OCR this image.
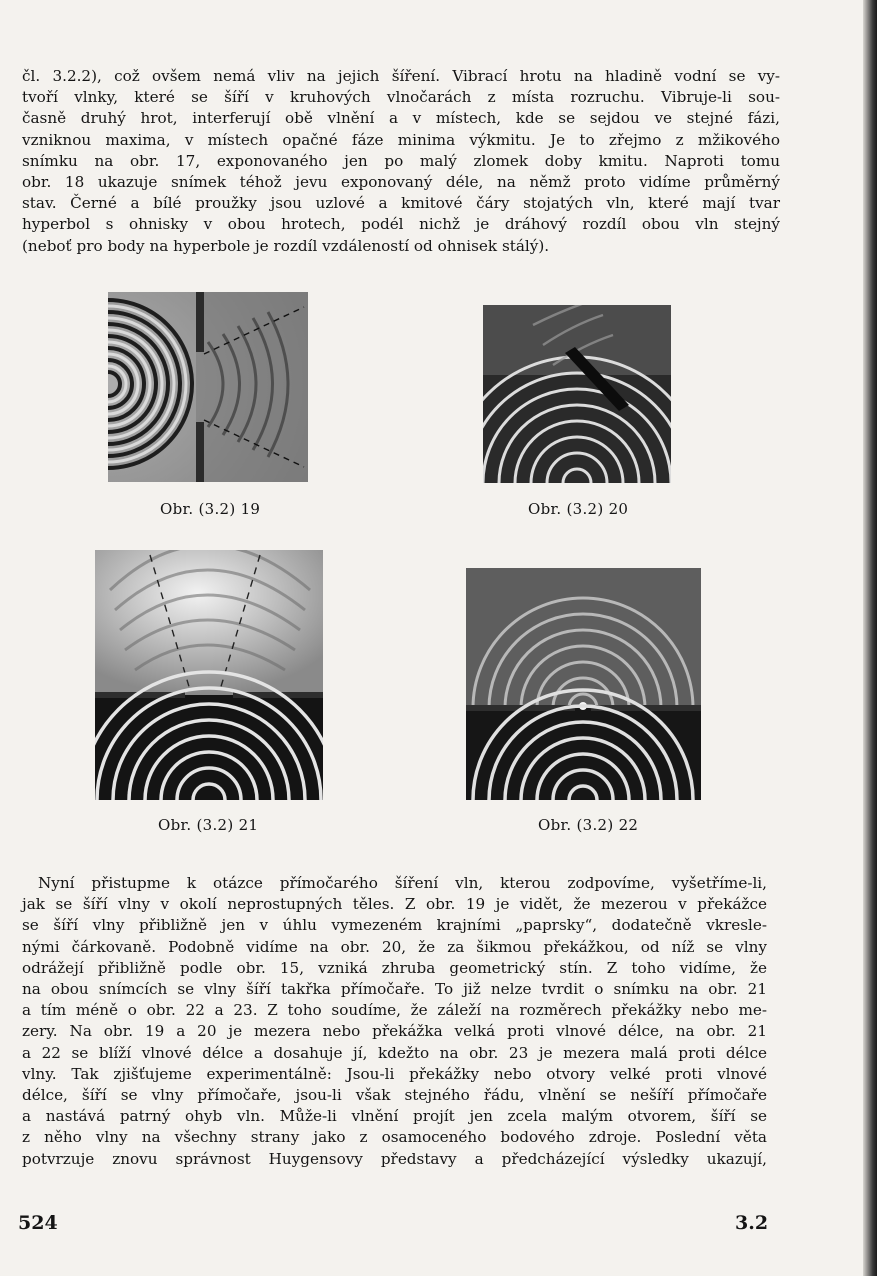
čl. 3.2.2), což ovšem nemá vliv na jejich šíření. Vibrací hrotu na hladině vodní se vy-
tvoří vlnky, které se šíří v kruhových vlnočarách z místa rozruchu. Vibruje-li sou-
časně druhý hrot, interferují obě vlnění a v místech, kde se sejdou ve stejné fázi,
vzniknou maxima, v místech opačné fáze minima výkmitu. Je to zřejmo z mžikového
snímku na obr. 17, exponovaného jen po malý zlomek doby kmitu. Naproti tomu
obr. 18 ukazuje snímek téhož jevu exponovaný déle, na němž proto vidíme průměrný
stav. Černé a bílé proužky jsou uzlové a kmitové čáry stojatých vln, které mají tvar
hyperbol s ohnisky v obou hrotech, podél nichž je dráhový rozdíl obou vln stejný
(neboť pro body na hyperbole je rozdíl vzdáleností od ohnisek stálý).
Obr. (3.2) 19	Obr. (3.2) 20
Obr. (3.2) 21	Obr. (3.2) 22
Nyní přistupme k otázce přímočarého šíření vln, kterou zodpovíme, vyšetříme-li,
jak se šíří vlny v okolí neprostupných těles. Z obr. 19 je vidět, že mezerou v překážce
se šíří vlny přibližně jen v úhlu vymezeném krajními „paprsky“, dodatečně vkresle-
nými čárkovaně. Podobně vidíme na obr. 20, že za šikmou překážkou, od níž se vlny
odrážejí přibližně podle obr. 15, vzniká zhruba geometrický stín. Z toho vidíme, že
na obou snímcích se vlny šíří takřka přímočaře. To již nelze tvrdit o snímku na obr. 21
a tím méně o obr. 22 a 23. Z toho soudíme, že záleží na rozměrech překážky nebo me-
zery. Na obr. 19 a 20 je mezera nebo překážka velká proti vlnové délce, na obr. 21
a 22 se blíží vlnové délce a dosahuje jí, kdežto na obr. 23 je mezera malá proti délce
vlny. Tak zjišťujeme experimentálně: Jsou-li překážky nebo otvory velké proti vlnové
délce, šíří se vlny přímočaře, jsou-li však stejného řádu, vlnění se nešíří přímočaře
a nastává patrný ohyb vln. Může-li vlnění projít jen zcela malým otvorem, šíří se
z něho vlny na všechny strany jako z osamoceného bodového zdroje. Poslední věta
potvrzuje znovu správnost Huygensovy představy a předcházející výsledky ukazují,
524	3.2
